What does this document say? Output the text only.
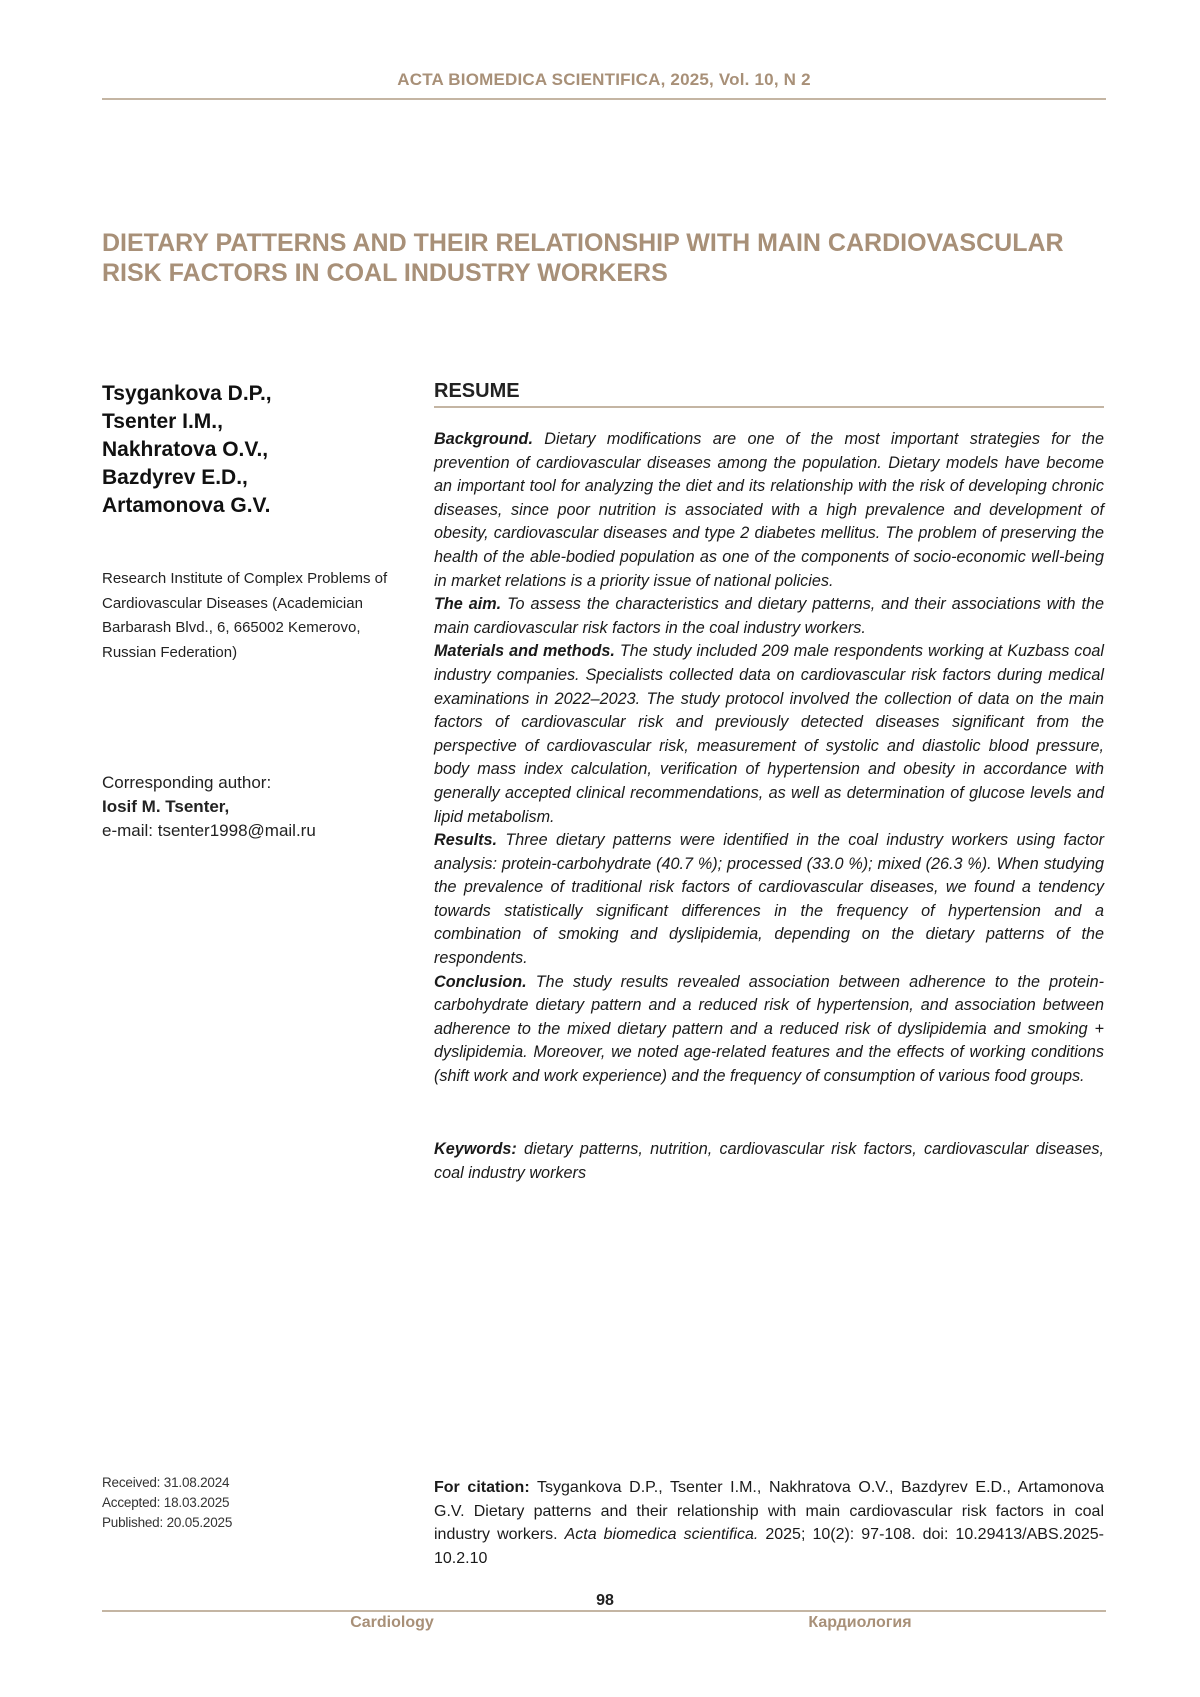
ACTA BIOMEDICA SCIENTIFICA, 2025, Vol. 10, N 2
DIETARY PATTERNS AND THEIR RELATIONSHIP WITH MAIN CARDIOVASCULAR RISK FACTORS IN COAL INDUSTRY WORKERS
Tsygankova D.P.,
Tsenter I.M.,
Nakhratova O.V.,
Bazdyrev E.D.,
Artamonova G.V.
Research Institute of Complex Problems of Cardiovascular Diseases (Academician Barbarash Blvd., 6, 665002 Kemerovo, Russian Federation)
Corresponding author:
Iosif M. Tsenter,
e-mail: tsenter1998@mail.ru
RESUME

Background. Dietary modifications are one of the most important strategies for the prevention of cardiovascular diseases among the population. Dietary models have become an important tool for analyzing the diet and its relationship with the risk of developing chronic diseases, since poor nutrition is associated with a high prevalence and development of obesity, cardiovascular diseases and type 2 diabetes mellitus. The problem of preserving the health of the able-bodied population as one of the components of socio-economic well-being in market relations is a priority issue of national policies.

The aim. To assess the characteristics and dietary patterns, and their associations with the main cardiovascular risk factors in the coal industry workers.

Materials and methods. The study included 209 male respondents working at Kuzbass coal industry companies. Specialists collected data on cardiovascular risk factors during medical examinations in 2022–2023. The study protocol involved the collection of data on the main factors of cardiovascular risk and previously detected diseases significant from the perspective of cardiovascular risk, measurement of systolic and diastolic blood pressure, body mass index calculation, verification of hypertension and obesity in accordance with generally accepted clinical recommendations, as well as determination of glucose levels and lipid metabolism.

Results. Three dietary patterns were identified in the coal industry workers using factor analysis: protein-carbohydrate (40.7 %); processed (33.0 %); mixed (26.3 %). When studying the prevalence of traditional risk factors of cardiovascular diseases, we found a tendency towards statistically significant differences in the frequency of hypertension and a combination of smoking and dyslipidemia, depending on the dietary patterns of the respondents.

Conclusion. The study results revealed association between adherence to the protein-carbohydrate dietary pattern and a reduced risk of hypertension, and association between adherence to the mixed dietary pattern and a reduced risk of dyslipidemia and smoking + dyslipidemia. Moreover, we noted age-related features and the effects of working conditions (shift work and work experience) and the frequency of consumption of various food groups.

Keywords: dietary patterns, nutrition, cardiovascular risk factors, cardiovascular diseases, coal industry workers
Received: 31.08.2024
Accepted: 18.03.2025
Published: 20.05.2025
For citation: Tsygankova D.P., Tsenter I.M., Nakhratova O.V., Bazdyrev E.D., Artamonova G.V. Dietary patterns and their relationship with main cardiovascular risk factors in coal industry workers. Acta biomedica scientifica. 2025; 10(2): 97-108. doi: 10.29413/ABS.2025-10.2.10
98
Cardiology	Кардиология
